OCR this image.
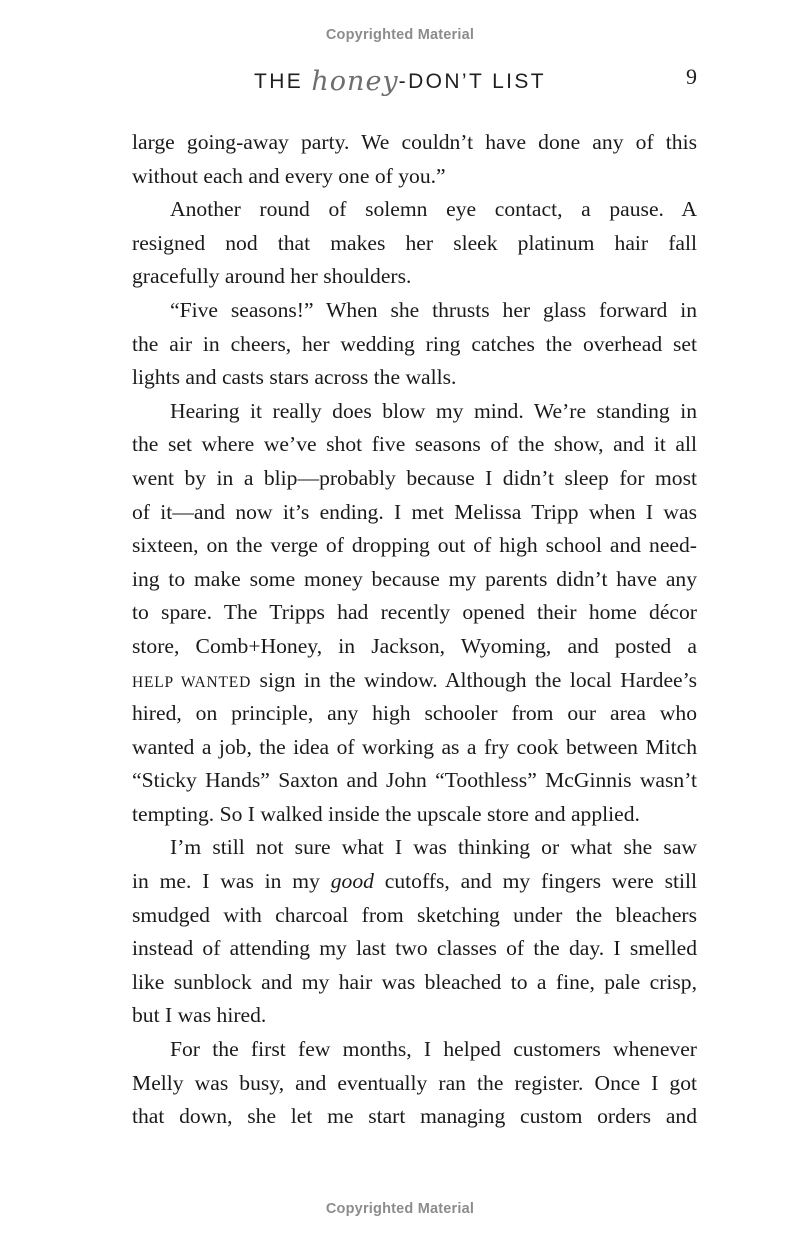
Copyrighted Material
THE honey-DON’T LIST	9
large going-away party. We couldn’t have done any of this
without each and every one of you.”
Another round of solemn eye contact, a pause. A
resigned nod that makes her sleek platinum hair fall
gracefully around her shoulders.
“Five seasons!” When she thrusts her glass forward in
the air in cheers, her wedding ring catches the overhead set
lights and casts stars across the walls.
Hearing it really does blow my mind. We’re standing in
the set where we’ve shot five seasons of the show, and it all
went by in a blip—probably because I didn’t sleep for most
of it—and now it’s ending. I met Melissa Tripp when I was
sixteen, on the verge of dropping out of high school and need-
ing to make some money because my parents didn’t have any
to spare. The Tripps had recently opened their home décor
store, Comb+Honey, in Jackson, Wyoming, and posted a
HELP WANTED sign in the window. Although the local Hardee’s
hired, on principle, any high schooler from our area who
wanted a job, the idea of working as a fry cook between Mitch
“Sticky Hands” Saxton and John “Toothless” McGinnis wasn’t
tempting. So I walked inside the upscale store and applied.
I’m still not sure what I was thinking or what she saw
in me. I was in my good cutoffs, and my fingers were still
smudged with charcoal from sketching under the bleachers
instead of attending my last two classes of the day. I smelled
like sunblock and my hair was bleached to a fine, pale crisp,
but I was hired.
For the first few months, I helped customers whenever
Melly was busy, and eventually ran the register. Once I got
that down, she let me start managing custom orders and
Copyrighted Material
